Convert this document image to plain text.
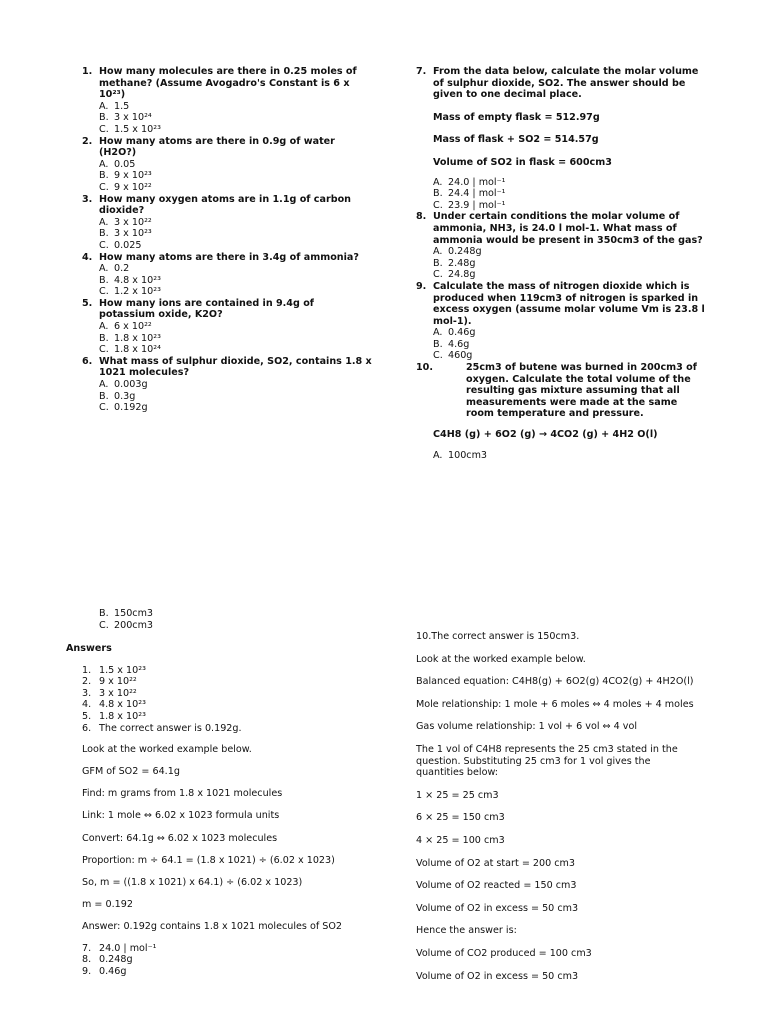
1. How many molecules are there in 0.25 moles of methane? (Assume Avogadro's Constant is 6 x 10²³)
A. 1.5
B. 3 x 10²⁴
C. 1.5 x 10²³
2. How many atoms are there in 0.9g of water (H2O?)
A. 0.05
B. 9 x 10²³
C. 9 x 10²²
3. How many oxygen atoms are in 1.1g of carbon dioxide?
A. 3 x 10²²
B. 3 x 10²³
C. 0.025
4. How many atoms are there in 3.4g of ammonia?
A. 0.2
B. 4.8 x 10²³
C. 1.2 x 10²³
5. How many ions are contained in 9.4g of potassium oxide, K2O?
A. 6 x 10²²
B. 1.8 x 10²³
C. 1.8 x 10²⁴
6. What mass of sulphur dioxide, SO2, contains 1.8 x 1021 molecules?
A. 0.003g
B. 0.3g
C. 0.192g
7. From the data below, calculate the molar volume of sulphur dioxide, SO2. The answer should be given to one decimal place.
Mass of empty flask = 512.97g
Mass of flask + SO2 = 514.57g
Volume of SO2 in flask = 600cm3
A. 24.0 | mol⁻¹
B. 24.4 | mol⁻¹
C. 23.9 | mol⁻¹
8. Under certain conditions the molar volume of ammonia, NH3, is 24.0 l mol-1. What mass of ammonia would be present in 350cm3 of the gas?
A. 0.248g
B. 2.48g
C. 24.8g
9. Calculate the mass of nitrogen dioxide which is produced when 119cm3 of nitrogen is sparked in excess oxygen (assume molar volume Vm is 23.8 l mol-1).
A. 0.46g
B. 4.6g
C. 460g
10.	25cm3 of butene was burned in 200cm3 of oxygen. Calculate the total volume of the resulting gas mixture assuming that all measurements were made at the same room temperature and pressure.
C4H8 (g) + 6O2 (g) → 4CO2 (g) + 4H2 O(l)
A. 100cm3
B. 150cm3
C. 200cm3
Answers
1. 1.5 x 10²³
2. 9 x 10²²
3. 3 x 10²²
4. 4.8 x 10²³
5. 1.8 x 10²³
6. The correct answer is 0.192g.
Look at the worked example below.
GFM of SO2 = 64.1g
Find: m grams from 1.8 x 1021 molecules
Link: 1 mole ⇔ 6.02 x 1023 formula units
Convert: 64.1g ⇔ 6.02 x 1023 molecules
Proportion: m ÷ 64.1 = (1.8 x 1021) ÷ (6.02 x 1023)
So, m = ((1.8 x 1021) x 64.1) ÷ (6.02 x 1023)
m = 0.192
Answer: 0.192g contains 1.8 x 1021 molecules of SO2
7. 24.0 | mol⁻¹
8. 0.248g
9. 0.46g
10.The correct answer is 150cm3.
Look at the worked example below.
Balanced equation: C4H8(g) + 6O2(g) 4CO2(g) + 4H2O(l)
Mole relationship: 1 mole + 6 moles ⇔ 4 moles + 4 moles
Gas volume relationship: 1 vol + 6 vol ⇔ 4 vol
The 1 vol of C4H8 represents the 25 cm3 stated in the question. Substituting 25 cm3 for 1 vol gives the quantities below:
1 × 25 = 25 cm3
6 × 25 = 150 cm3
4 × 25 = 100 cm3
Volume of O2 at start = 200 cm3
Volume of O2 reacted = 150 cm3
Volume of O2 in excess = 50 cm3
Hence the answer is:
Volume of CO2 produced = 100 cm3
Volume of O2 in excess = 50 cm3
